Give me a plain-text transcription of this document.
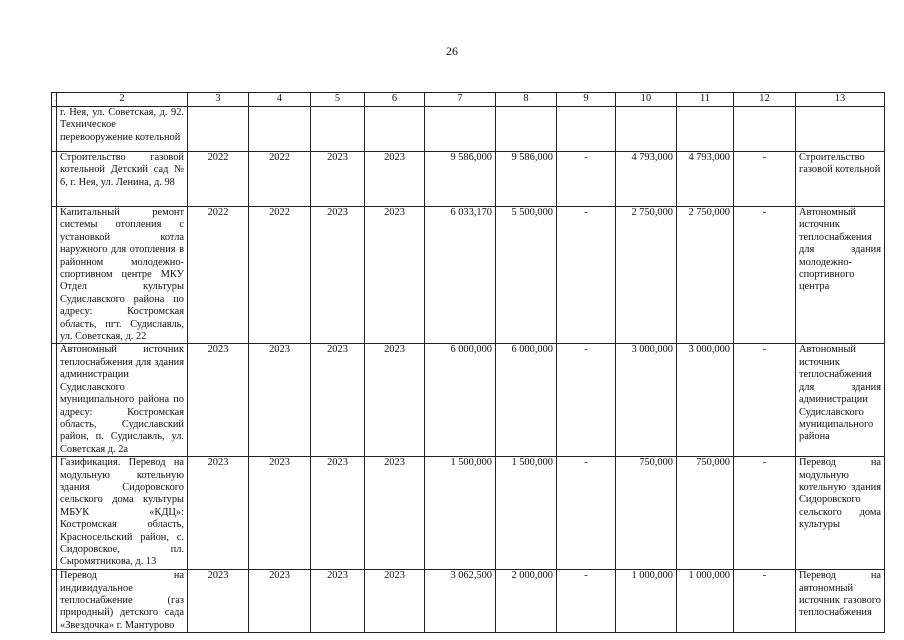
26
	2	3	4	5	6	7	8	9	10	11	12	13
	г. Нея, ул. Советская, д. 92. Техническое перевооружение котельной											
	Строительство газовой котельной Детский сад № 6, г. Нея, ул. Ленина, д. 98	2022	2022	2023	2023	9 586,000	9 586,000	-	4 793,000	4 793,000	-	Строительство газовой котельной
	Капитальный ремонт системы отопления с установкой котла наружного для отопления в районном молодежно-спортивном центре МКУ Отдел культуры Судиславского района по адресу: Костромская область, пгт. Судиславль, ул. Советская, д. 22	2022	2022	2023	2023	6 033,170	5 500,000	-	2 750,000	2 750,000	-	Автономный источник теплоснабжения для здания молодежно-спортивного центра
	Автономный источник теплоснабжения для здания администрации Судиславского муниципального района по адресу: Костромская область, Судиславский район, п. Судиславль, ул. Советская д. 2а	2023	2023	2023	2023	6 000,000	6 000,000	-	3 000,000	3 000,000	-	Автономный источник теплоснабжения для здания администрации Судиславского муниципального района
	Газификация. Перевод на модульную котельную здания Сидоровского сельского дома культуры МБУК «КДЦ»: Костромская область, Красносельский район, с. Сидоровское, пл. Сыромятникова, д. 13	2023	2023	2023	2023	1 500,000	1 500,000	-	750,000	750,000	-	Перевод на модульную котельную здания Сидоровского сельского дома культуры
	Перевод на индивидуальное теплоснабжение (газ природный) детского сада «Звездочка» г. Мантурово	2023	2023	2023	2023	3 062,500	2 000,000	-	1 000,000	1 000,000	-	Перевод на автономный источник газового теплоснабжения
